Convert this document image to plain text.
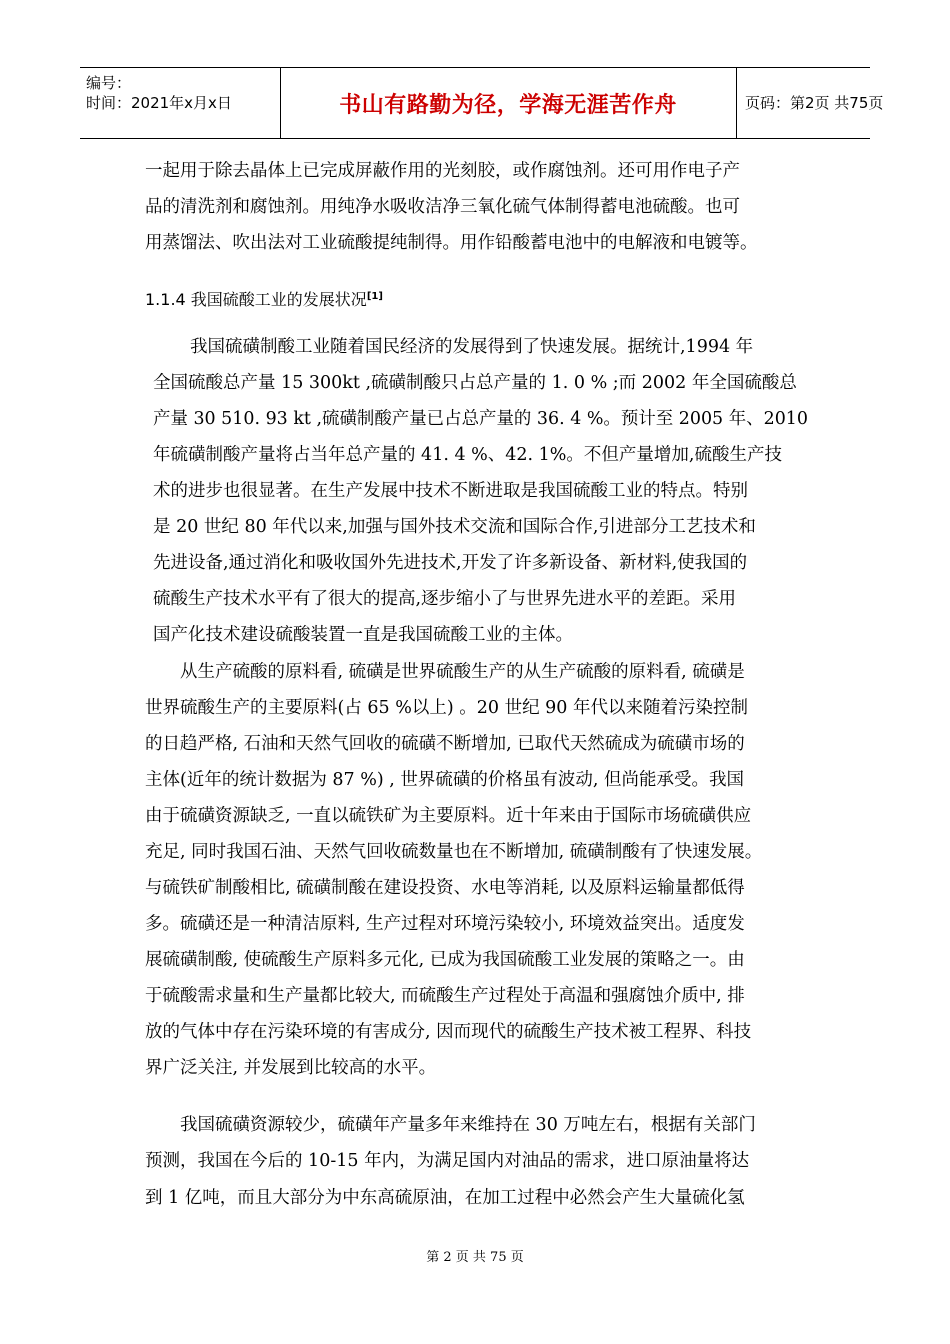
编号：
时间：2021年x月x日	书山有路勤为径，学海无涯苦作舟	页码：第2页 共75页
一起用于除去晶体上已完成屏蔽作用的光刻胶，或作腐蚀剂。还可用作电子产
品的清洗剂和腐蚀剂。用纯净水吸收洁净三氧化硫气体制得蓄电池硫酸。也可
用蒸馏法、吹出法对工业硫酸提纯制得。用作铅酸蓄电池中的电解液和电镀等。
1.1.4 我国硫酸工业的发展状况[1]
我国硫磺制酸工业随着国民经济的发展得到了快速发展。据统计,1994 年
全国硫酸总产量 15 300kt ,硫磺制酸只占总产量的 1. 0 % ;而 2002 年全国硫酸总
产量 30 510. 93 kt ,硫磺制酸产量已占总产量的 36. 4 %。预计至 2005 年、2010
年硫磺制酸产量将占当年总产量的 41. 4 %、42. 1%。不但产量增加,硫酸生产技
术的进步也很显著。在生产发展中技术不断进取是我国硫酸工业的特点。特别
是 20 世纪 80 年代以来,加强与国外技术交流和国际合作,引进部分工艺技术和
先进设备,通过消化和吸收国外先进技术,开发了许多新设备、新材料,使我国的
硫酸生产技术水平有了很大的提高,逐步缩小了与世界先进水平的差距。采用
国产化技术建设硫酸装置一直是我国硫酸工业的主体。
从生产硫酸的原料看, 硫磺是世界硫酸生产的从生产硫酸的原料看, 硫磺是
世界硫酸生产的主要原料(占 65 %以上) 。20 世纪 90 年代以来随着污染控制
的日趋严格, 石油和天然气回收的硫磺不断增加, 已取代天然硫成为硫磺市场的
主体(近年的统计数据为 87 %) , 世界硫磺的价格虽有波动, 但尚能承受。我国
由于硫磺资源缺乏, 一直以硫铁矿为主要原料。近十年来由于国际市场硫磺供应
充足, 同时我国石油、天然气回收硫数量也在不断增加, 硫磺制酸有了快速发展。
与硫铁矿制酸相比, 硫磺制酸在建设投资、水电等消耗, 以及原料运输量都低得
多。硫磺还是一种清洁原料, 生产过程对环境污染较小, 环境效益突出。适度发
展硫磺制酸, 使硫酸生产原料多元化, 已成为我国硫酸工业发展的策略之一。由
于硫酸需求量和生产量都比较大, 而硫酸生产过程处于高温和强腐蚀介质中, 排
放的气体中存在污染环境的有害成分, 因而现代的硫酸生产技术被工程界、科技
界广泛关注, 并发展到比较高的水平。
我国硫磺资源较少，硫磺年产量多年来维持在 30 万吨左右，根据有关部门
预测，我国在今后的 10-15 年内，为满足国内对油品的需求，进口原油量将达
到 1 亿吨，而且大部分为中东高硫原油，在加工过程中必然会产生大量硫化氢
第 2 页 共 75 页
